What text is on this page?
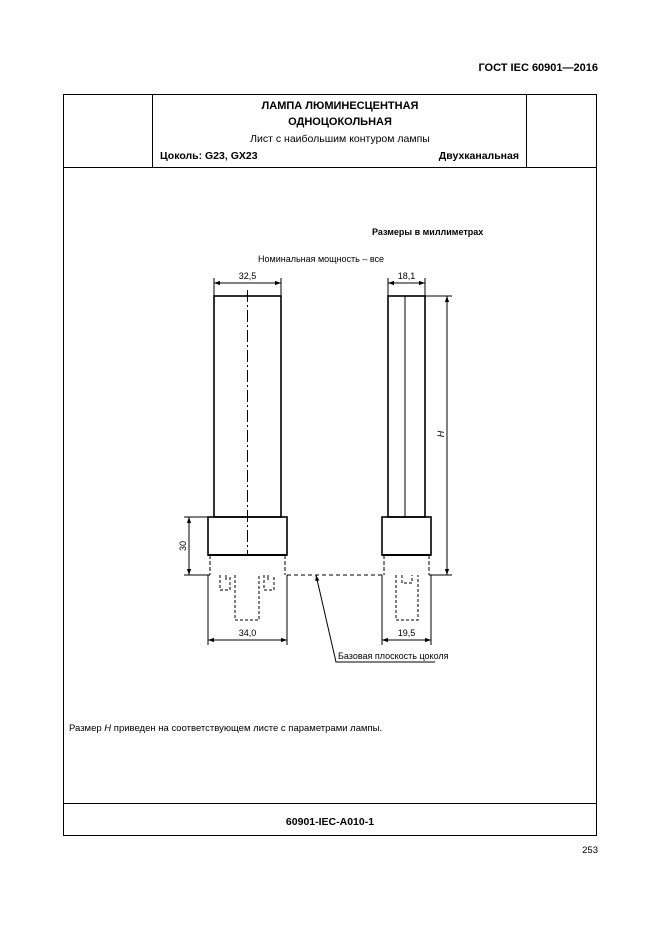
ГОСТ IEC 60901—2016
ЛАМПА ЛЮМИНЕСЦЕНТНАЯ
ОДНОЦОКОЛЬНАЯ
Лист с наибольшим контуром лампы
Цоколь: G23, GX23	Двухканальная
Размер H приведен на соответствующем листе с параметрами лампы.
60901-IEC-A010-1
Размеры в миллиметрах
Номинальная мощность – все
32,5
34,0
18,1
19,5
30
H
Базовая плоскость цоколя
253
